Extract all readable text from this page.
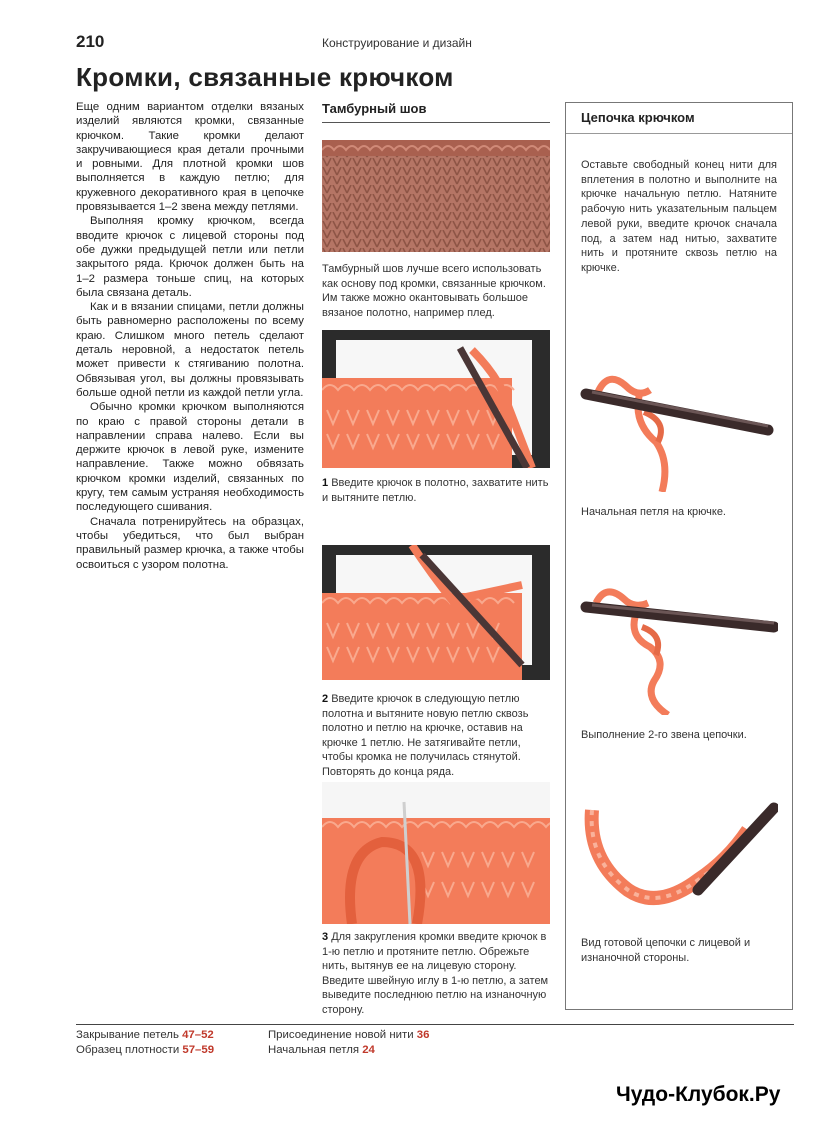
210	Конструирование и дизайн
Кромки, связанные крючком

Еще одним вариантом отделки вязаных изделий являются кромки, связанные крючком. Такие кромки делают закручивающиеся края детали прочными и ровными. Для плотной кромки шов выполняется в каждую петлю; для кружевного декоративного края в цепочке провязывается 1–2 звена между петлями.

Выполняя кромку крючком, всегда вводите крючок с лицевой стороны под обе дужки предыдущей петли или петли закрытого ряда. Крючок должен быть на 1–2 размера тоньше спиц, на которых была связана деталь.

Как и в вязании спицами, петли должны быть равномерно расположены по всему краю. Слишком много петель сделают деталь неровной, а недостаток петель может привести к стягиванию полотна. Обвязывая угол, вы должны провязывать больше одной петли из каждой петли угла.

Обычно кромки крючком выполняются по краю с правой стороны детали в направлении справа налево. Если вы держите крючок в левой руке, измените направление. Также можно обвязать крючком кромки изделий, связанных по кругу, тем самым устраняя необходимость последующего сшивания.

Сначала потренируйтесь на образцах, чтобы убедиться, что был выбран правильный размер крючка, а также чтобы освоиться с узором полотна.

Тамбурный шов
Тамбурный шов лучше всего использовать как основу под кромки, связанные крючком. Им также можно окантовывать большое вязаное полотно, например плед.
1 Введите крючок в полотно, захватите нить и вытяните петлю.
2 Введите крючок в следующую петлю полотна и вытяните новую петлю сквозь полотно и петлю на крючке, оставив на крючке 1 петлю. Не затягивайте петли, чтобы кромка не получилась стянутой. Повторять до конца ряда.
3 Для закругления кромки введите крючок в 1-ю петлю и протяните петлю. Обрежьте нить, вытянув ее на лицевую сторону. Введите швейную иглу в 1-ю петлю, а затем выведите последнюю петлю на изнаночную сторону.
Цепочка крючком
Оставьте свободный конец нити для вплетения в полотно и выполните на крючке начальную петлю. Натяните рабочую нить указательным пальцем левой руки, введите крючок сначала под, а затем над нитью, захватите нить и протяните сквозь петлю на крючке.
Начальная петля на крючке.
Выполнение 2-го звена цепочки.
Вид готовой цепочки с лицевой и изнаночной стороны.
Закрывание петель 47–52
Образец плотности 57–59
Присоединение новой нити 36
Начальная петля 24
Чудо-Клубок.Ру
